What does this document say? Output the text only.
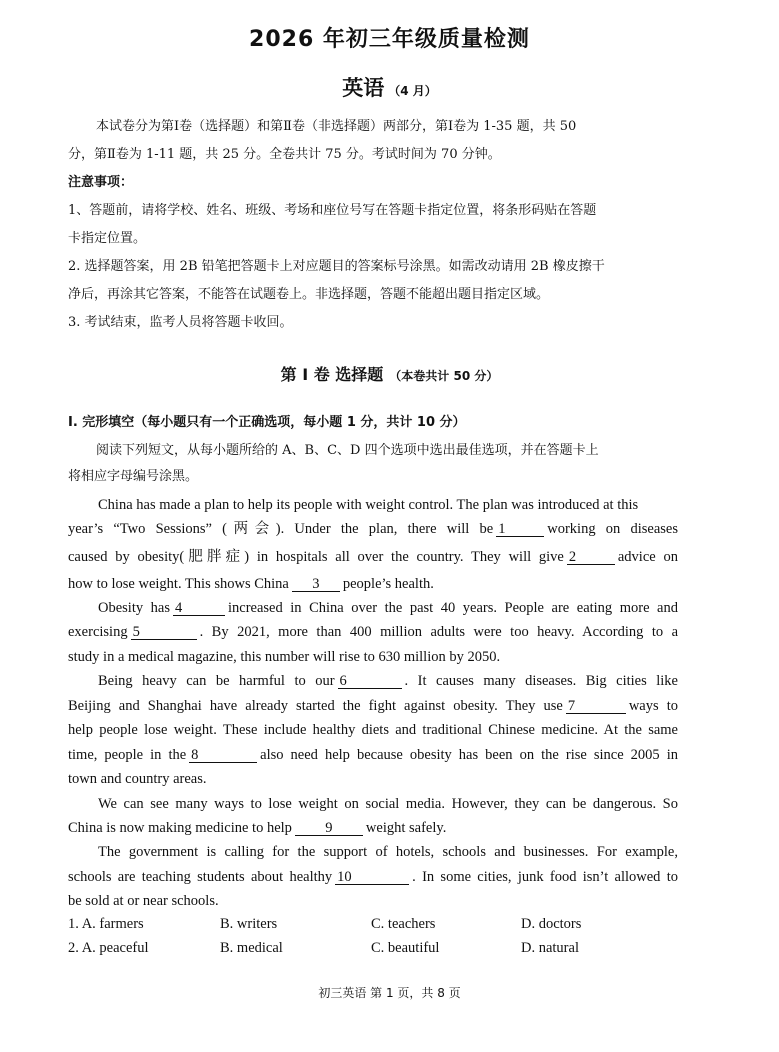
2026 年初三年级质量检测
英语 （4 月）
本试卷分为第Ⅰ卷（选择题）和第Ⅱ卷（非选择题）两部分，第Ⅰ卷为 1-35 题，共 50
分，第Ⅱ卷为 1-11 题，共 25 分。全卷共计 75 分。考试时间为 70 分钟。
注意事项：
1、答题前，请将学校、姓名、班级、考场和座位号写在答题卡指定位置，将条形码贴在答题
卡指定位置。
2. 选择题答案，用 2B 铅笔把答题卡上对应题目的答案标号涂黑。如需改动请用 2B 橡皮擦干
净后，再涂其它答案，不能答在试题卷上。非选择题，答题不能超出题目指定区域。
3. 考试结束，监考人员将答题卡收回。
第 I 卷 选择题 （本卷共计 50 分）
I. 完形填空（每小题只有一个正确选项，每小题 1 分，共计 10 分）
阅读下列短文，从每小题所给的 A、B、C、D 四个选项中选出最佳选项，并在答题卡上
将相应字母编号涂黑。
China has made a plan to help its people with weight control. The plan was introduced at this
year’s “Two Sessions” (两会). Under the plan, there will be 1	working on diseases
caused by obesity(肥胖症) in hospitals all over the country. They will give 2	advice on
how to lose weight. This shows China 3 people’s health.
Obesity has 4	increased in China over the past 40 years. People are eating more and
exercising 5	. By 2021, more than 400 million adults were too heavy. According to a
study in a medical magazine, this number will rise to 630 million by 2050.
Being heavy can be harmful to our 6	. It causes many diseases. Big cities like
Beijing and Shanghai have already started the fight against obesity. They use 7	ways to
help people lose weight. These include healthy diets and traditional Chinese medicine. At the same
time, people in the 8	also need help because obesity has been on the rise since 2005 in
town and country areas.
We can see many ways to lose weight on social media. However, they can be dangerous. So
China is now making medicine to help 9 weight safely.
The government is calling for the support of hotels, schools and businesses. For example,
schools are teaching students about healthy 10	. In some cities, junk food isn’t allowed to
be sold at or near schools.
1. A. farmers	B. writers	C. teachers	D. doctors
2. A. peaceful	B. medical	C. beautiful	D. natural
初三英语 第 1 页，共 8 页
